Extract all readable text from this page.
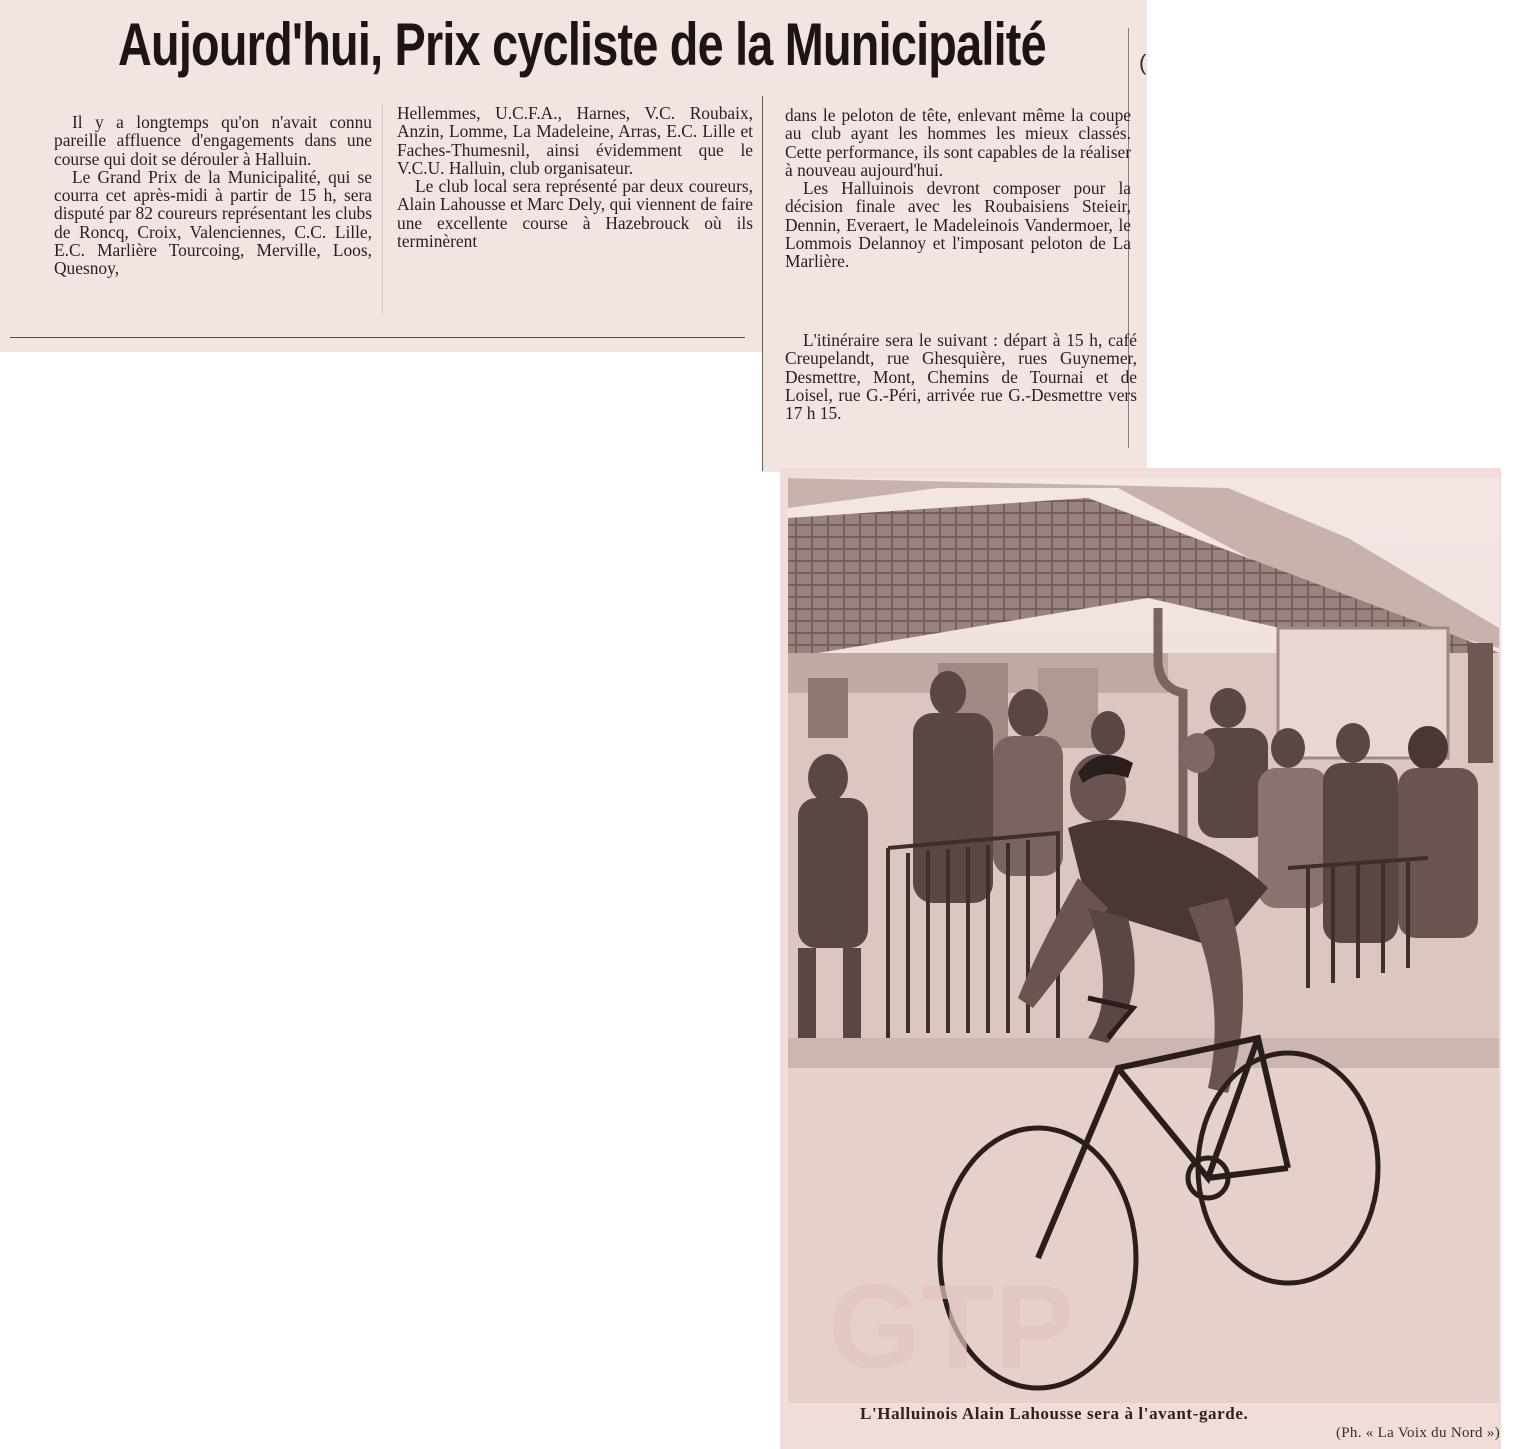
Aujourd'hui, Prix cycliste de la Municipalité	(

Il y a longtemps qu'on n'avait connu pareille affluence d'engagements dans une course qui doit se dérouler à Halluin.

Le Grand Prix de la Municipalité, qui se courra cet après-midi à partir de 15 h, sera disputé par 82 coureurs représentant les clubs de Roncq, Croix, Valenciennes, C.C. Lille, E.C. Marlière Tourcoing, Merville, Loos, Quesnoy,

Hellemmes, U.C.F.A., Harnes, V.C. Roubaix, Anzin, Lomme, La Madeleine, Arras, E.C. Lille et Faches-Thumesnil, ainsi évidemment que le V.C.U. Halluin, club organisateur.

Le club local sera représenté par deux coureurs, Alain Lahousse et Marc Dely, qui viennent de faire une excellente course à Hazebrouck où ils terminèrent

dans le peloton de tête, enlevant même la coupe au club ayant les hommes les mieux classés. Cette performance, ils sont capables de la réaliser à nouveau aujourd'hui.

Les Halluinois devront composer pour la décision finale avec les Roubaisiens Steieir, Dennin, Everaert, le Madeleinois Vandermoer, le Lommois Delannoy et l'imposant peloton de La Marlière.

L'itinéraire sera le suivant : départ à 15 h, café Creupelandt, rue Ghesquière, rues Guynemer, Desmettre, Mont, Chemins de Tournai et de Loisel, rue G.-Péri, arrivée rue G.-Desmettre vers 17 h 15.

GTP

L'Halluinois Alain Lahousse sera à l'avant-garde.

(Ph. « La Voix du Nord »)
